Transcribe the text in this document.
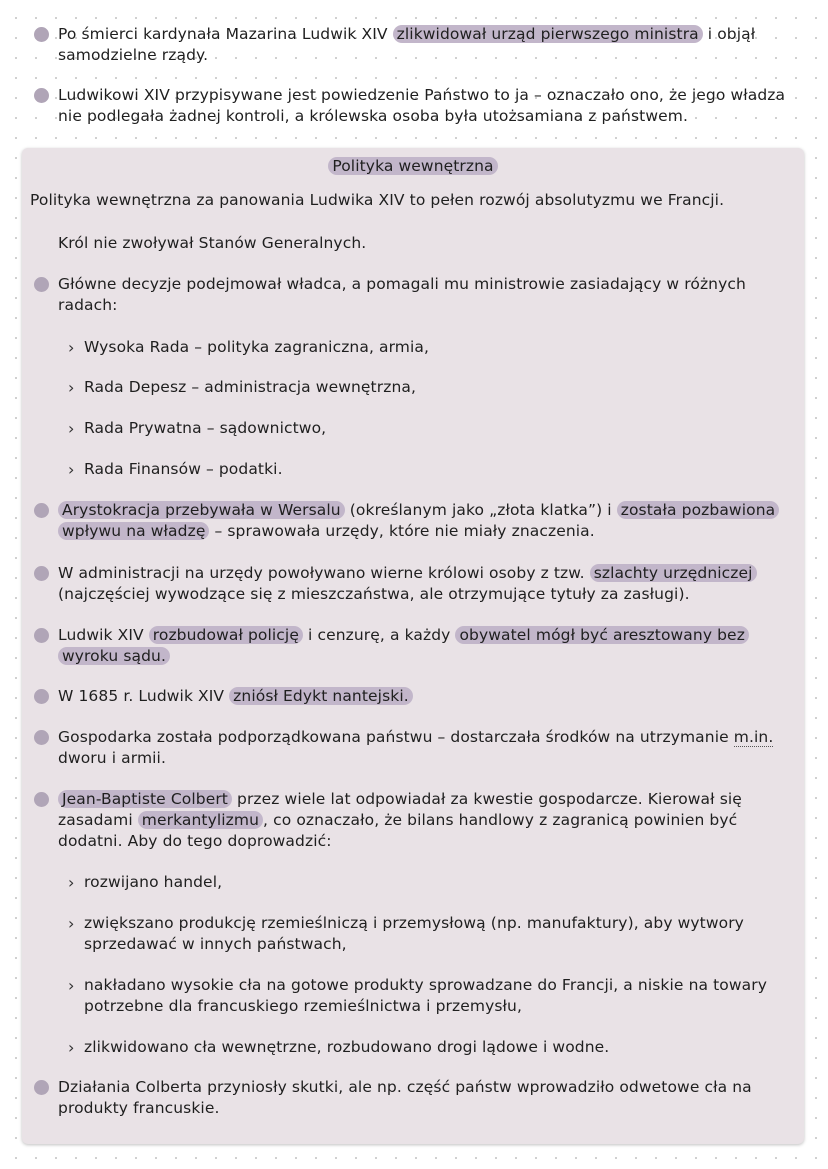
Po śmierci kardynała Mazarina Ludwik XIV zlikwidował urząd pierwszego ministra i objął samodzielne rządy.
Ludwikowi XIV przypisywane jest powiedzenie Państwo to ja – oznaczało ono, że jego władza nie podlegała żadnej kontroli, a królewska osoba była utożsamiana z państwem.
Polityka wewnętrzna
Polityka wewnętrzna za panowania Ludwika XIV to pełen rozwój absolutyzmu we Francji.
Król nie zwoływał Stanów Generalnych.
Główne decyzje podejmował władca, a pomagali mu ministrowie zasiadający w różnych radach:
› Wysoka Rada – polityka zagraniczna, armia,
› Rada Depesz – administracja wewnętrzna,
› Rada Prywatna – sądownictwo,
› Rada Finansów – podatki.
Arystokracja przebywała w Wersalu (określanym jako „złota klatka”) i została pozbawiona wpływu na władzę – sprawowała urzędy, które nie miały znaczenia.
W administracji na urzędy powoływano wierne królowi osoby z tzw. szlachty urzędniczej (najczęściej wywodzące się z mieszczaństwa, ale otrzymujące tytuły za zasługi).
Ludwik XIV rozbudował policję i cenzurę, a każdy obywatel mógł być aresztowany bez wyroku sądu.
W 1685 r. Ludwik XIV zniósł Edykt nantejski.
Gospodarka została podporządkowana państwu – dostarczała środków na utrzymanie m.in. dworu i armii.
Jean-Baptiste Colbert przez wiele lat odpowiadał za kwestie gospodarcze. Kierował się zasadami merkantylizmu , co oznaczało, że bilans handlowy z zagranicą powinien być dodatni. Aby do tego doprowadzić:
› rozwijano handel,
› zwiększano produkcję rzemieślniczą i przemysłową (np. manufaktury), aby wytwory sprzedawać w innych państwach,
› nakładano wysokie cła na gotowe produkty sprowadzane do Francji, a niskie na towary potrzebne dla francuskiego rzemieślnictwa i przemysłu,
› zlikwidowano cła wewnętrzne, rozbudowano drogi lądowe i wodne.
Działania Colberta przyniosły skutki, ale np. część państw wprowadziło odwetowe cła na produkty francuskie.
